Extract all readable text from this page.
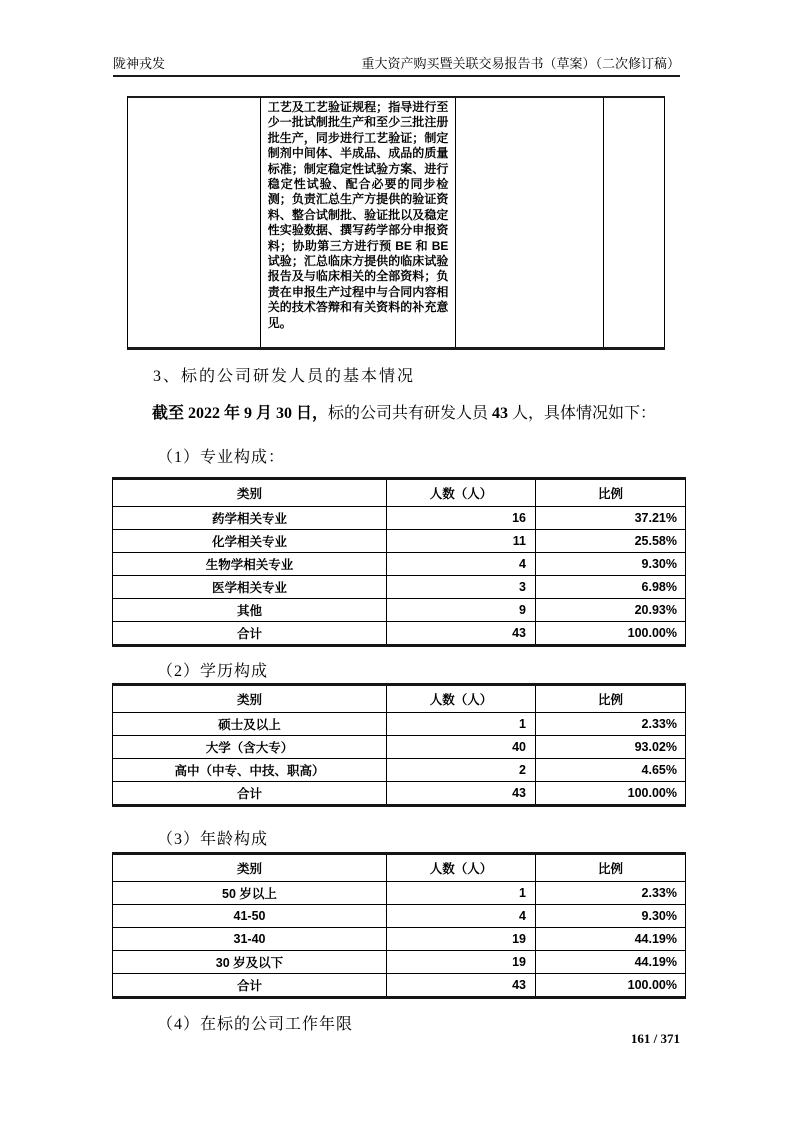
陇神戎发	重大资产购买暨关联交易报告书（草案）（二次修订稿）
工艺及工艺验证规程；指导进行至少一批试制批生产和至少三批注册批生产，同步进行工艺验证；制定制剂中间体、半成品、成品的质量标准；制定稳定性试验方案、进行稳定性试验、配合必要的同步检测；负责汇总生产方提供的验证资料、整合试制批、验证批以及稳定性实验数据、撰写药学部分申报资料；协助第三方进行预 BE 和 BE 试验；汇总临床方提供的临床试验报告及与临床相关的全部资料；负责在申报生产过程中与合同内容相关的技术答辩和有关资料的补充意见。
3、标的公司研发人员的基本情况
截至 2022 年 9 月 30 日，标的公司共有研发人员 43 人，具体情况如下：
（1）专业构成：
类别	人数（人）	比例
药学相关专业	16	37.21%
化学相关专业	11	25.58%
生物学相关专业	4	9.30%
医学相关专业	3	6.98%
其他	9	20.93%
合计	43	100.00%
（2）学历构成
类别	人数（人）	比例
硕士及以上	1	2.33%
大学（含大专）	40	93.02%
高中（中专、中技、职高）	2	4.65%
合计	43	100.00%
（3）年龄构成
类别	人数（人）	比例
50 岁以上	1	2.33%
41-50	4	9.30%
31-40	19	44.19%
30 岁及以下	19	44.19%
合计	43	100.00%
（4）在标的公司工作年限
161 / 371
